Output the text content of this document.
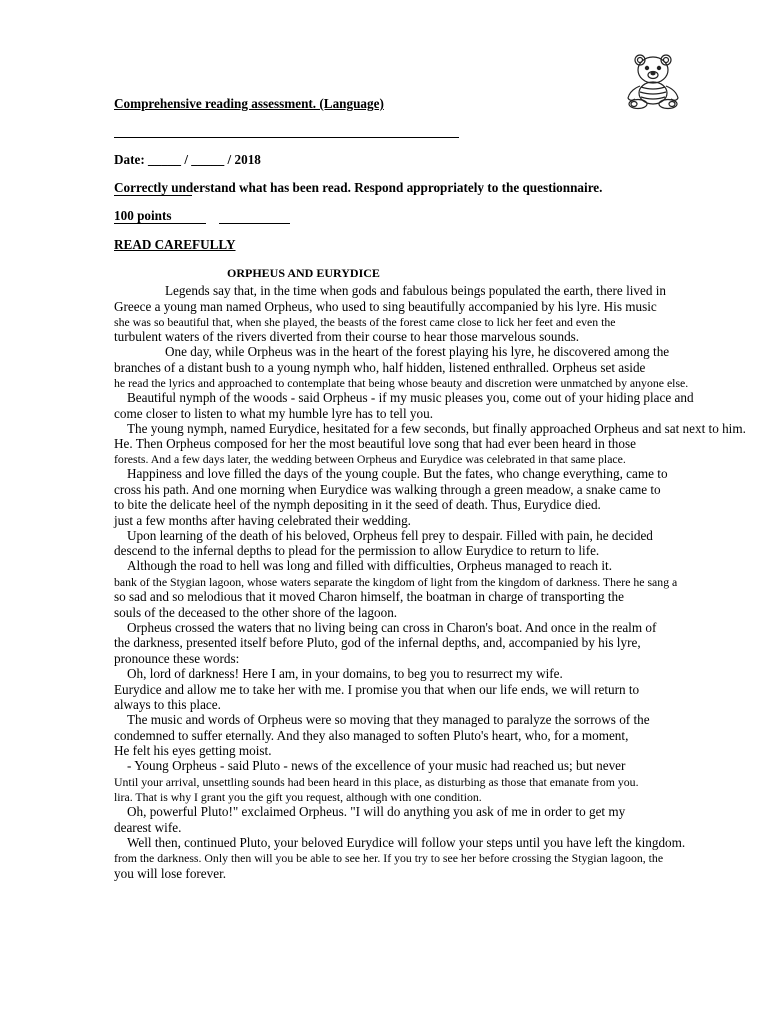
Comprehensive reading assessment. (Language)
Date: _____ / _____ / 2018
Correctly understand what has been read. Respond appropriately to the questionnaire.
100 points
READ CAREFULLY
ORPHEUS AND EURYDICE
Legends say that, in the time when gods and fabulous beings populated the earth, there lived in
Greece a young man named Orpheus, who used to sing beautifully accompanied by his lyre. His music
she was so beautiful that, when she played, the beasts of the forest came close to lick her feet and even the
turbulent waters of the rivers diverted from their course to hear those marvelous sounds.
One day, while Orpheus was in the heart of the forest playing his lyre, he discovered among the
branches of a distant bush to a young nymph who, half hidden, listened enthralled. Orpheus set aside
he read the lyrics and approached to contemplate that being whose beauty and discretion were unmatched by anyone else.
Beautiful nymph of the woods - said Orpheus - if my music pleases you, come out of your hiding place and
come closer to listen to what my humble lyre has to tell you.
The young nymph, named Eurydice, hesitated for a few seconds, but finally approached Orpheus and sat next to him.
He. Then Orpheus composed for her the most beautiful love song that had ever been heard in those
forests. And a few days later, the wedding between Orpheus and Eurydice was celebrated in that same place.
Happiness and love filled the days of the young couple. But the fates, who change everything, came to
cross his path. And one morning when Eurydice was walking through a green meadow, a snake came to
to bite the delicate heel of the nymph depositing in it the seed of death. Thus, Eurydice died.
just a few months after having celebrated their wedding.
Upon learning of the death of his beloved, Orpheus fell prey to despair. Filled with pain, he decided
descend to the infernal depths to plead for the permission to allow Eurydice to return to life.
Although the road to hell was long and filled with difficulties, Orpheus managed to reach it.
bank of the Stygian lagoon, whose waters separate the kingdom of light from the kingdom of darkness. There he sang a
so sad and so melodious that it moved Charon himself, the boatman in charge of transporting the
souls of the deceased to the other shore of the lagoon.
Orpheus crossed the waters that no living being can cross in Charon's boat. And once in the realm of
the darkness, presented itself before Pluto, god of the infernal depths, and, accompanied by his lyre,
pronounce these words:
Oh, lord of darkness! Here I am, in your domains, to beg you to resurrect my wife.
Eurydice and allow me to take her with me. I promise you that when our life ends, we will return to
always to this place.
The music and words of Orpheus were so moving that they managed to paralyze the sorrows of the
condemned to suffer eternally. And they also managed to soften Pluto's heart, who, for a moment,
He felt his eyes getting moist.
- Young Orpheus - said Pluto - news of the excellence of your music had reached us; but never
Until your arrival, unsettling sounds had been heard in this place, as disturbing as those that emanate from you.
lira. That is why I grant you the gift you request, although with one condition.
Oh, powerful Pluto!" exclaimed Orpheus. "I will do anything you ask of me in order to get my
dearest wife.
Well then, continued Pluto, your beloved Eurydice will follow your steps until you have left the kingdom.
from the darkness. Only then will you be able to see her. If you try to see her before crossing the Stygian lagoon, the
you will lose forever.
